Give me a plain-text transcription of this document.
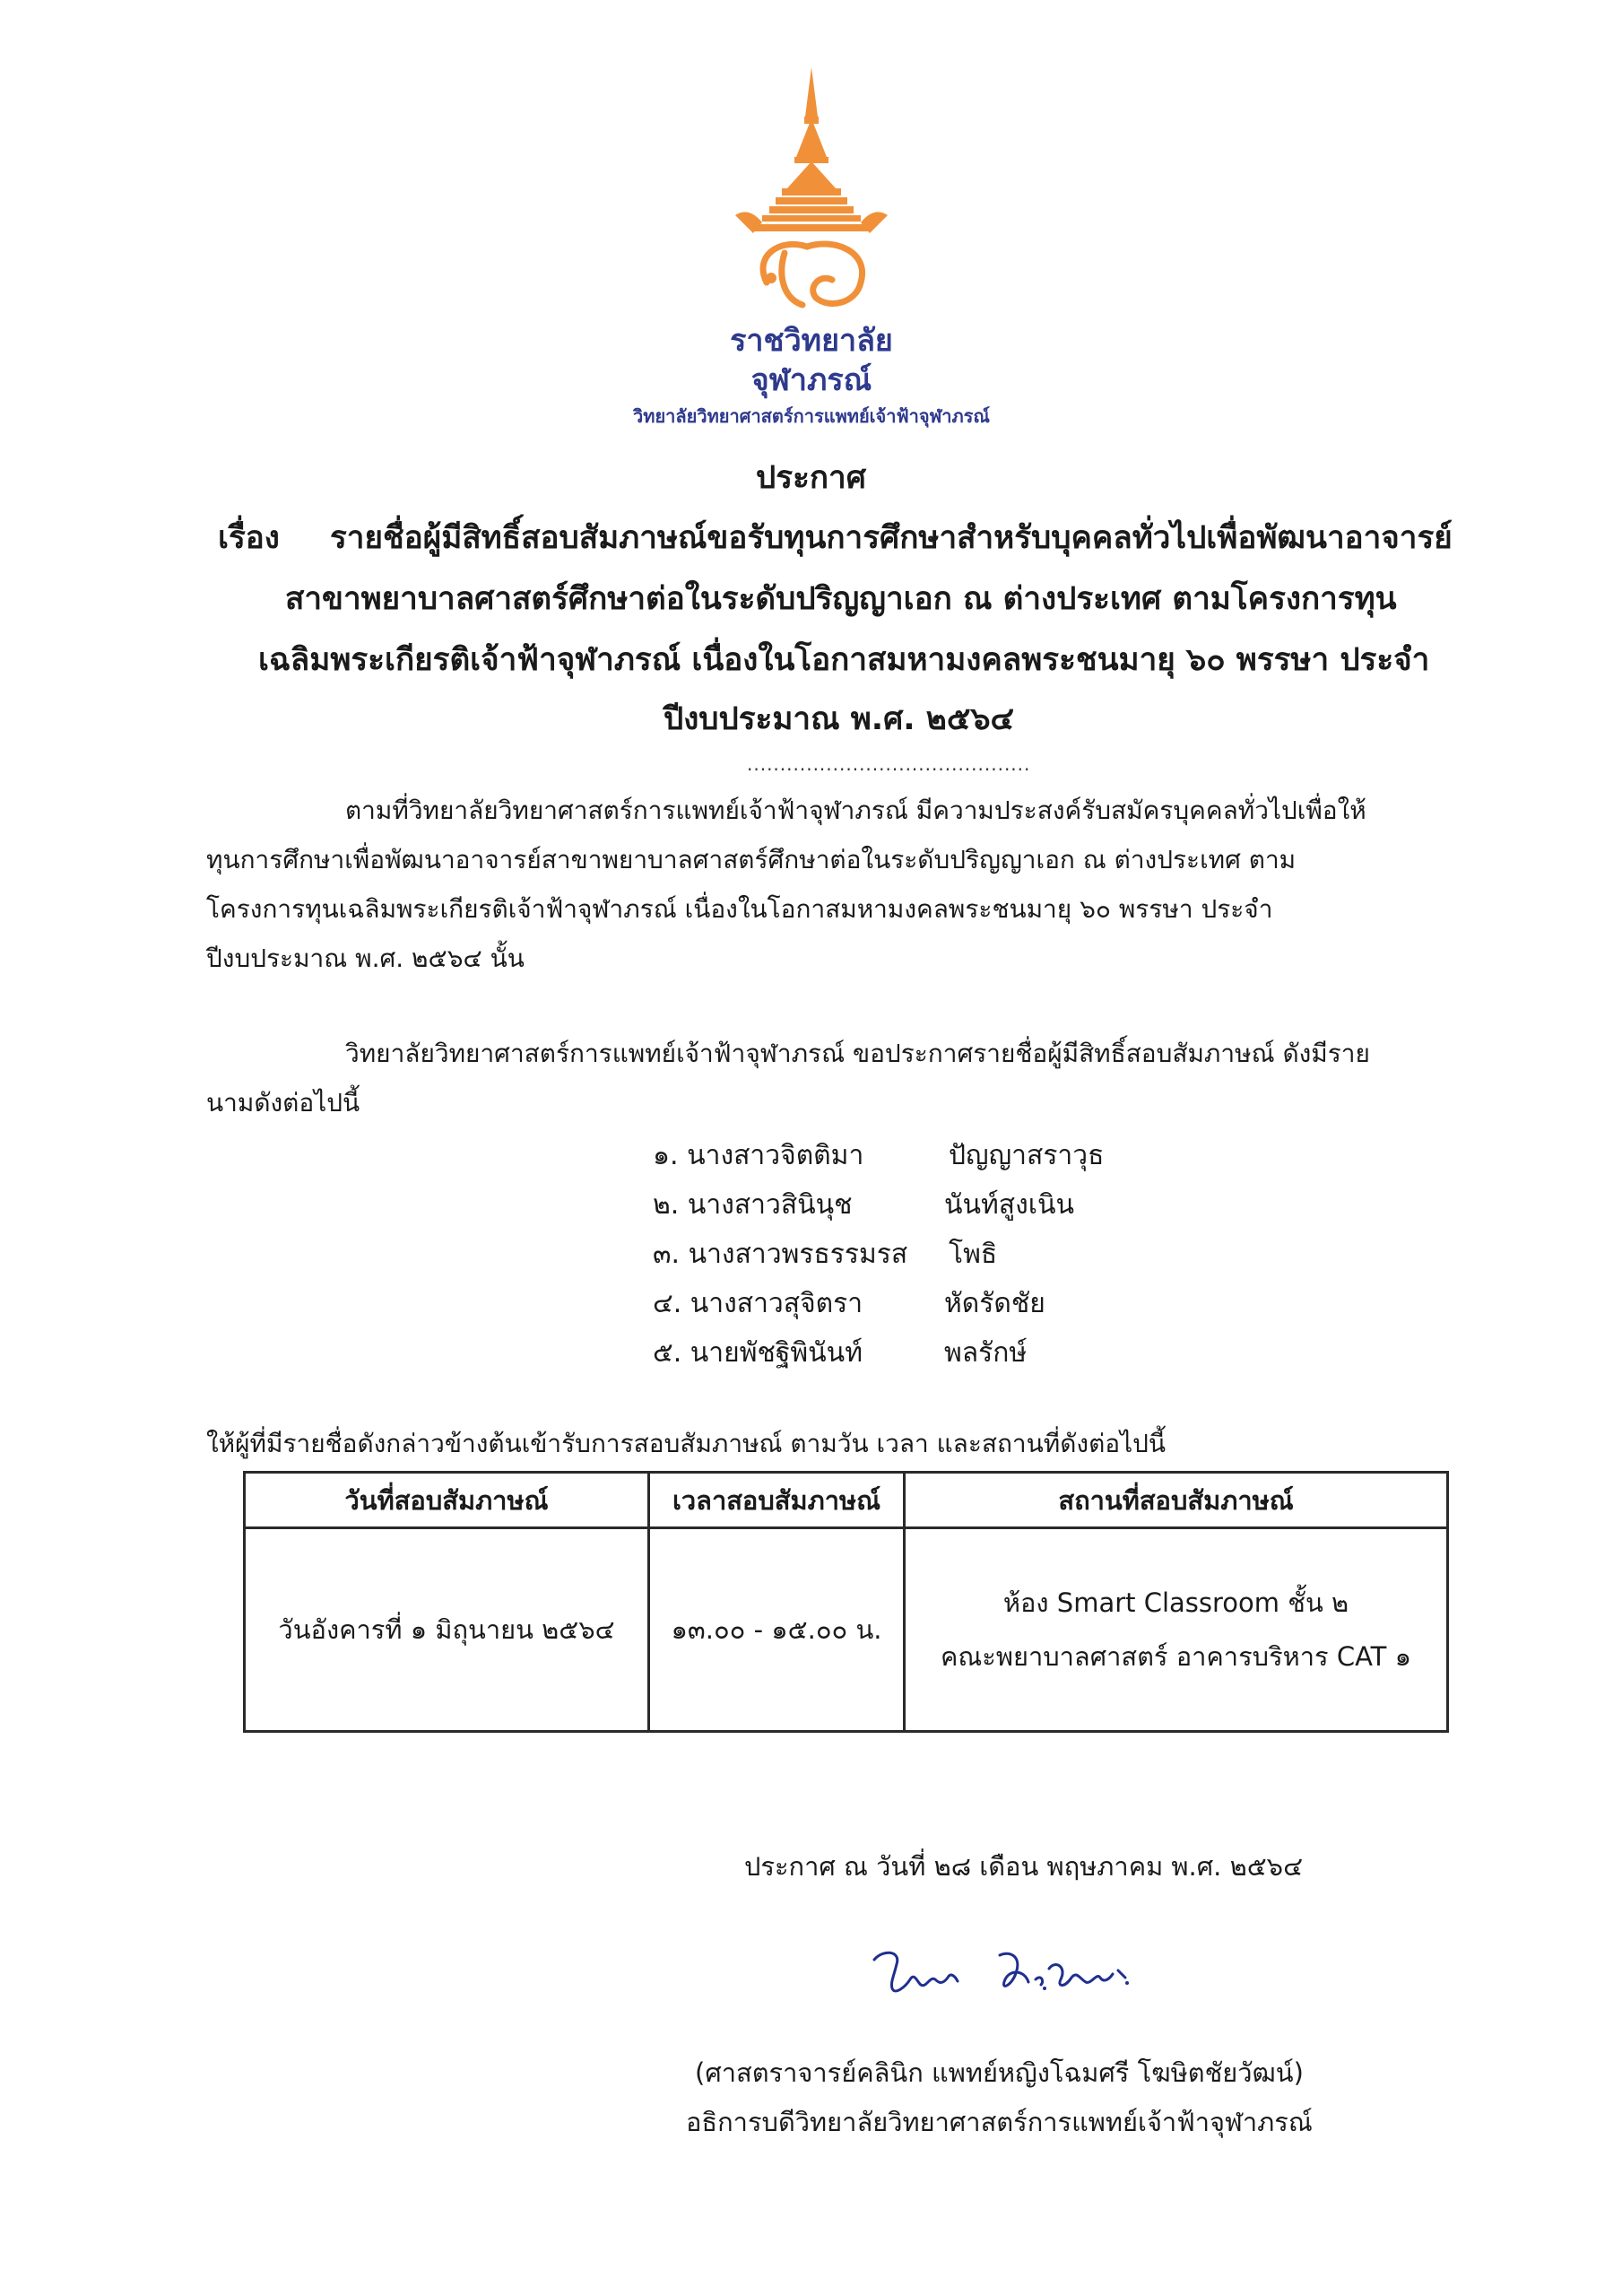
ราชวิทยาลัย
จุฬาภรณ์
วิทยาลัยวิทยาศาสตร์การแพทย์เจ้าฟ้าจุฬาภรณ์
ประกาศ
เรื่อง รายชื่อผู้มีสิทธิ์สอบสัมภาษณ์ขอรับทุนการศึกษาสำหรับบุคคลทั่วไปเพื่อพัฒนาอาจารย์
สาขาพยาบาลศาสตร์ศึกษาต่อในระดับปริญญาเอก ณ ต่างประเทศ ตามโครงการทุน
เฉลิมพระเกียรติเจ้าฟ้าจุฬาภรณ์ เนื่องในโอกาสมหามงคลพระชนมายุ ๖๐ พรรษา ประจำ
ปีงบประมาณ พ.ศ. ๒๕๖๔
...........................................
ตามที่วิทยาลัยวิทยาศาสตร์การแพทย์เจ้าฟ้าจุฬาภรณ์ มีความประสงค์รับสมัครบุคคลทั่วไปเพื่อให้
ทุนการศึกษาเพื่อพัฒนาอาจารย์สาขาพยาบาลศาสตร์ศึกษาต่อในระดับปริญญาเอก ณ ต่างประเทศ ตาม
โครงการทุนเฉลิมพระเกียรติเจ้าฟ้าจุฬาภรณ์ เนื่องในโอกาสมหามงคลพระชนมายุ ๖๐ พรรษา ประจำ
ปีงบประมาณ พ.ศ. ๒๕๖๔ นั้น
วิทยาลัยวิทยาศาสตร์การแพทย์เจ้าฟ้าจุฬาภรณ์ ขอประกาศรายชื่อผู้มีสิทธิ์สอบสัมภาษณ์ ดังมีราย
นามดังต่อไปนี้
๑. นางสาวจิตติมา	ปัญญาสราวุธ
๒. นางสาวสินินุช	นันท์สูงเนิน
๓. นางสาวพรธรรมรส โพธิ
๔. นางสาวสุจิตรา	หัดรัดชัย
๕. นายพัชฐิพินันท์	พลรักษ์
ให้ผู้ที่มีรายชื่อดังกล่าวข้างต้นเข้ารับการสอบสัมภาษณ์ ตามวัน เวลา และสถานที่ดังต่อไปนี้
วันที่สอบสัมภาษณ์	เวลาสอบสัมภาษณ์	สถานที่สอบสัมภาษณ์
วันอังคารที่ ๑ มิถุนายน ๒๕๖๔	๑๓.๐๐ - ๑๕.๐๐ น.	ห้อง Smart Classroom ชั้น ๒
คณะพยาบาลศาสตร์ อาคารบริหาร CAT ๑
ประกาศ ณ วันที่ ๒๘ เดือน พฤษภาคม พ.ศ. ๒๕๖๔
(ศาสตราจารย์คลินิก แพทย์หญิงโฉมศรี โฆษิตชัยวัฒน์)
อธิการบดีวิทยาลัยวิทยาศาสตร์การแพทย์เจ้าฟ้าจุฬาภรณ์
